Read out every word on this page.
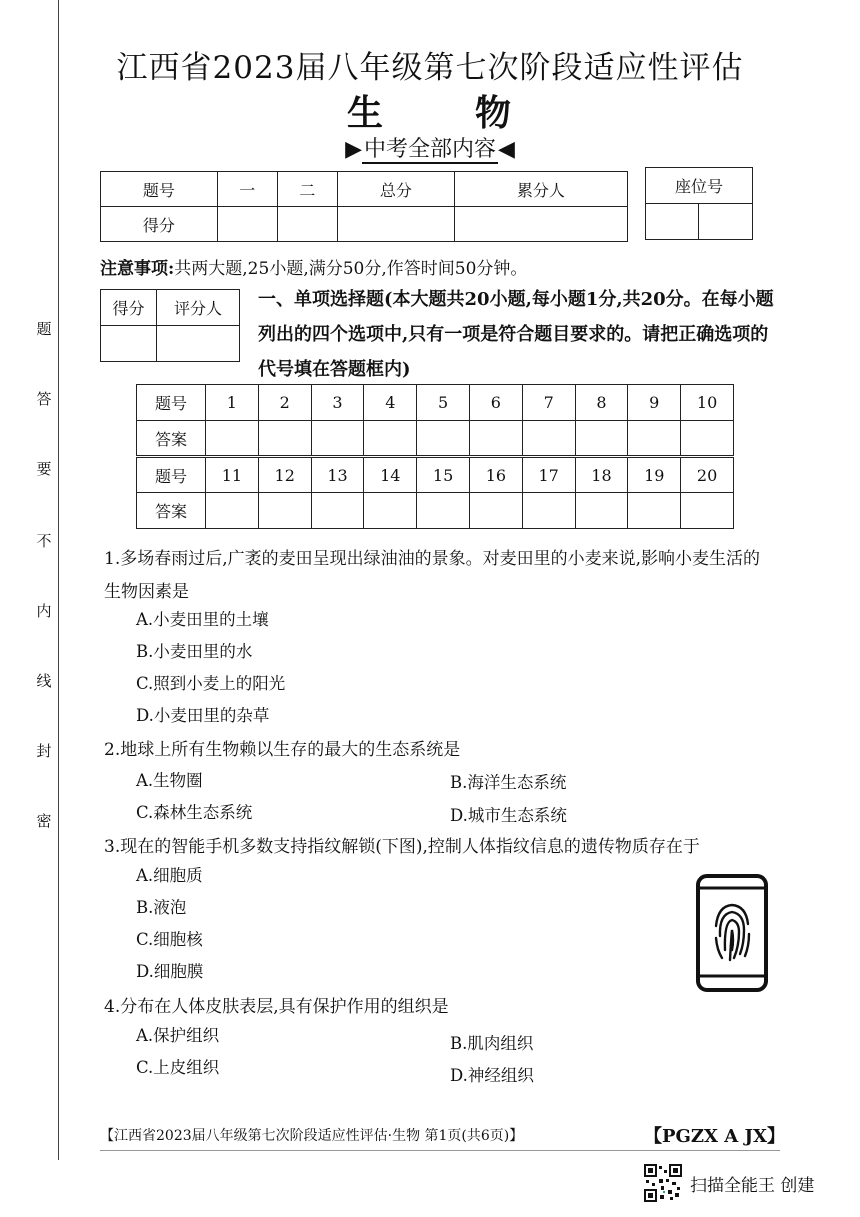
题
答
要
不
内
线
封
密
江西省2023届八年级第七次阶段适应性评估
生物
▶中考全部内容◀
题号	一	二	总分	累分人
得分				
座位号

注意事项:共两大题,25小题,满分50分,作答时间50分钟。
得分	评分人
	一、单项选择题(本大题共20小题,每小题1分,共20分。在每小题列出的四个选项中,只有一项是符合题目要求的。请把正确选项的代号填在答题框内)
题号	1	2	3	4	5	6	7	8	9	10
答案										
题号	11	12	13	14	15	16	17	18	19	20
答案										
1.多场春雨过后,广袤的麦田呈现出绿油油的景象。对麦田里的小麦来说,影响小麦生活的生物因素是
A.小麦田里的土壤
B.小麦田里的水
C.照到小麦上的阳光
D.小麦田里的杂草
2.地球上所有生物赖以生存的最大的生态系统是
A.生物圈	B.海洋生态系统
C.森林生态系统	D.城市生态系统
3.现在的智能手机多数支持指纹解锁(下图),控制人体指纹信息的遗传物质存在于
A.细胞质
B.液泡
C.细胞核
D.细胞膜
4.分布在人体皮肤表层,具有保护作用的组织是
A.保护组织	B.肌肉组织
C.上皮组织	D.神经组织
【江西省2023届八年级第七次阶段适应性评估·生物 第1页(共6页)】	【PGZX A JX】
扫描全能王 创建
